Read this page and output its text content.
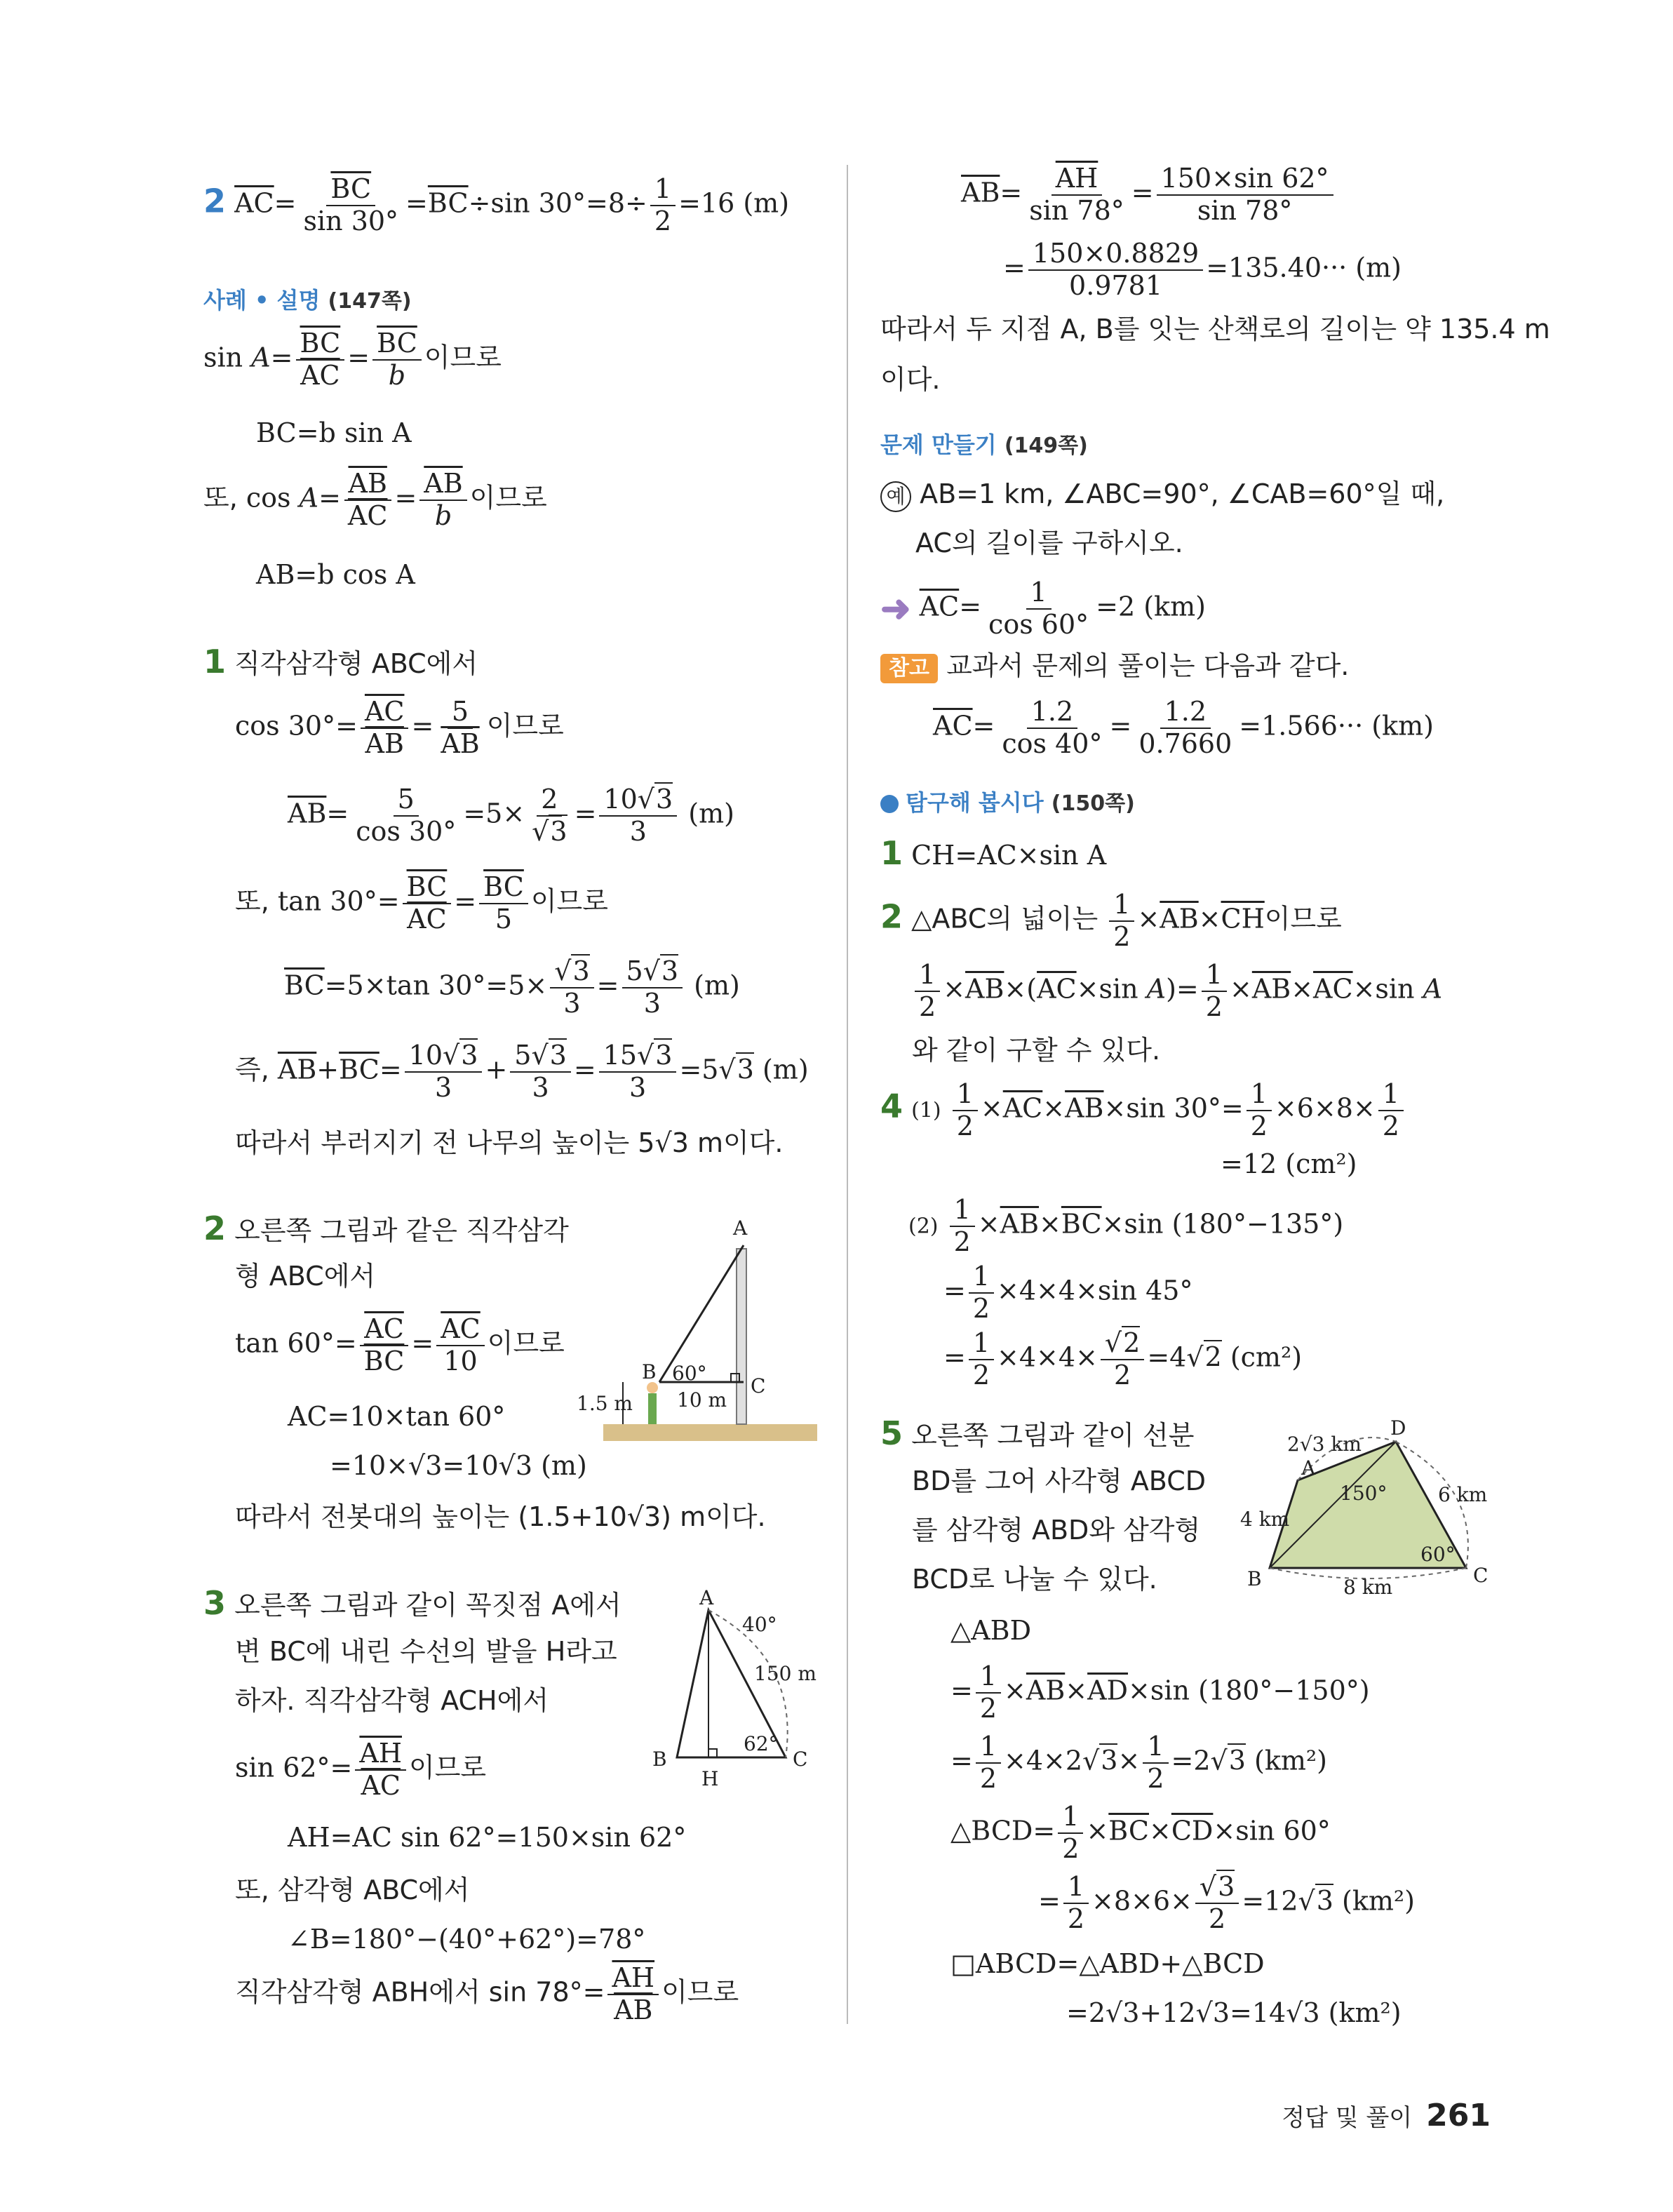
2 $\overline{AC}= \frac{\overline{BC}}{\sin 30^\circ} =\overline{BC}\div\sin$ $30^\circ=8\div \frac{1}{2} =16$ (m)
사례 • 설명 (147쪽)
$\sin A= \frac{\overline{BC}}{AC} = \frac{\overline{BC}}{b}$ 이므로
BC=b sin A
또, $\cos A= \frac{\overline{AB}}{AC} = \frac{\overline{AB}}{b}$ 이므로
AB=b cos A
1 직각삼각형 ABC에서
$\cos 30^\circ= \frac{\overline{AC}}{AB} = \frac{5}{AB}$ 이므로
$\overline{AB}= \frac{5}{\cos 30^\circ} =5\times \frac{2}{√3} = \frac{10√3}{3} (m)$
또, $\tan 30^\circ= \frac{\overline{BC}}{AC} = \frac{\overline{BC}}{5}$ 이므로
$\overline{BC}=5\times\tan$ $30^\circ=5\times \frac{√3}{3} = \frac{5√3}{3} (m)$
즉, $\overline{AB}+\overline{BC}= \frac{10√3}{3} + \frac{5√3}{3} = \frac{15√3}{3} =5√3$ (m)
따라서 부러지기 전 나무의 높이는 5√3 m이다.
2 오른쪽 그림과 같은 직각삼각
형 ABC에서
$\tan 60^\circ= \frac{\overline{AC}}{BC} = \frac{\overline{AC}}{10}$ 이므로
AC=10×tan 60°
=10×√3=10√3 (m)
따라서 전봇대의 높이는 (1.5+10√3) m이다.
A
B
C
60°
1.5 m 10 m
3 오른쪽 그림과 같이 꼭짓점 A에서
변 BC에 내린 수선의 발을 H라고
하자. 직각삼각형 ACH에서
$\sin 62^\circ= \frac{\overline{AH}}{AC}$ 이므로
AH=AC sin 62°=150×sin 62°
또, 삼각형 ABC에서
∠B=180°−(40°+62°)=78°
직각삼각형 ABH에서 $\sin 78^\circ= \frac{\overline{AH}}{AB}$ 이므로
A
B	C
H
40°
62°
150 m
$\overline{AB}= \frac{\overline{AH}}{\sin 78^\circ} = \frac{150\times\sin 62^\circ}{\sin 78^\circ}$
= $\frac{150\times 0.8829}{0.9781} =135.40\cdot\cdot\cdot (m)$
따라서 두 지점 A, B를 잇는 산책로의 길이는 약 135.4 m
이다.
문제 만들기 (149쪽)
예 AB=1 km, ∠ABC=90°, ∠CAB=60°일 때,
AC의 길이를 구하시오.
➜ $\overline{AC}= \frac{1}{\cos 60^\circ} =2$ (km)
참고 교과서 문제의 풀이는 다음과 같다.
$\overline{AC}= \frac{1.2}{\cos 40^\circ} = \frac{1.2}{0.7660} =1.566\cdot\cdot\cdot (km)$
탐구해 봅시다 (150쪽)
1 CH=AC×sin A
2 △ABC의 넓이는 $\frac{1}{2} \times\overline{AB}\times\overline{CH}$이므로
$\frac{1}{2} \times\overline{AB}\times(\overline{AC}\times\sin$ $A)= \frac{1}{2} \times\overline{AB}\times\overline{AC}\times\sin$ A
와 같이 구할 수 있다.
4 $(1) \frac{1}{2} \times\overline{AC}\times\overline{AB}\times\sin$ $30^\circ= \frac{1}{2} \times 6\times 8\times \frac{1}{2}$
=12 (cm²)
$(2) \frac{1}{2} \times\overline{AB}\times\overline{BC}\times\sin$ (180°−135°)
= $\frac{1}{2} \times 4\times 4\times\sin$ 45°
= $\frac{1}{2} \times 4\times 4\times \frac{√2}{2} =4√2$ (cm²)
5 오른쪽 그림과 같이 선분
BD를 그어 사각형 ABCD
를 삼각형 ABD와 삼각형
BCD로 나눌 수 있다.
△ABD
= $\frac{1}{2} \times\overline{AB}\times\overline{AD}\times\sin$ (180°−150°)
= $\frac{1}{2} \times 4\times 2√3\times \frac{1}{2} =2√3$ (km²)
△BCD= $\frac{1}{2} \times\overline{BC}\times\overline{CD}\times\sin$ 60°
= $\frac{1}{2} \times 8\times 6\times \frac{√3}{2} =12√3$ (km²)
□ABCD=△ABD+△BCD
=2√3+12√3=14√3 (km²)
A
B	C
D
2√3 km
6 km
4 km
8 km
150°
60°
정답 및 풀이 261
